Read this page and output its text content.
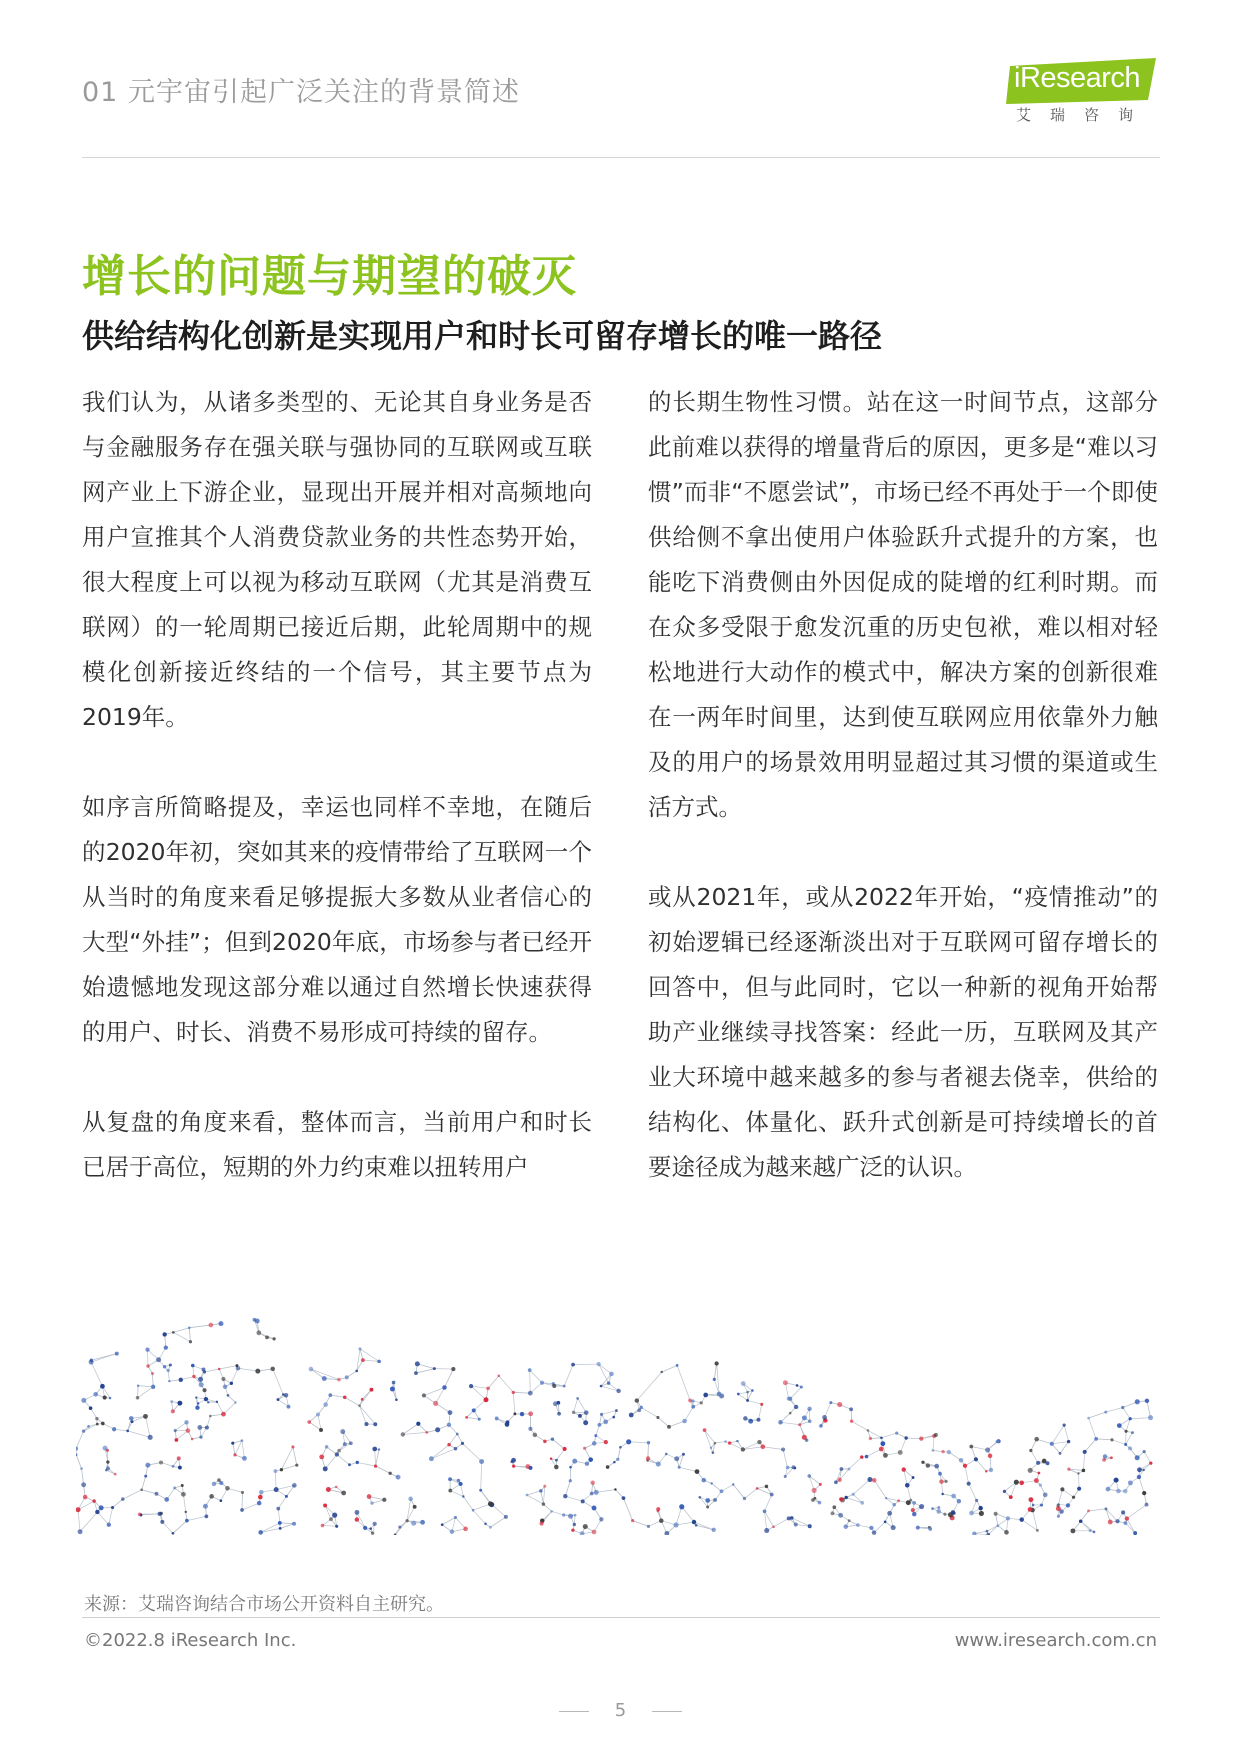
01 元宇宙引起广泛关注的背景简述	iResearch
艾瑞咨询
增长的问题与期望的破灭
供给结构化创新是实现用户和时长可留存增长的唯一路径

我们认为，从诸多类型的、无论其自身业务是否与金融服务存在强关联与强协同的互联网或互联网产业上下游企业，显现出开展并相对高频地向用户宣推其个人消费贷款业务的共性态势开始，很大程度上可以视为移动互联网（尤其是消费互联网）的一轮周期已接近后期，此轮周期中的规模化创新接近终结的一个信号，其主要节点为2019年。

如序言所简略提及，幸运也同样不幸地，在随后的2020年初，突如其来的疫情带给了互联网一个从当时的角度来看足够提振大多数从业者信心的大型“外挂”；但到2020年底，市场参与者已经开始遗憾地发现这部分难以通过自然增长快速获得的用户、时长、消费不易形成可持续的留存。

从复盘的角度来看，整体而言，当前用户和时长已居于高位，短期的外力约束难以扭转用户

的长期生物性习惯。站在这一时间节点，这部分此前难以获得的增量背后的原因，更多是“难以习惯”而非“不愿尝试”，市场已经不再处于一个即使供给侧不拿出使用户体验跃升式提升的方案，也能吃下消费侧由外因促成的陡增的红利时期。而在众多受限于愈发沉重的历史包袱，难以相对轻松地进行大动作的模式中，解决方案的创新很难在一两年时间里，达到使互联网应用依靠外力触及的用户的场景效用明显超过其习惯的渠道或生活方式。

或从2021年，或从2022年开始，“疫情推动”的初始逻辑已经逐渐淡出对于互联网可留存增长的回答中，但与此同时，它以一种新的视角开始帮助产业继续寻找答案：经此一历，互联网及其产业大环境中越来越多的参与者褪去侥幸，供给的结构化、体量化、跃升式创新是可持续增长的首要途径成为越来越广泛的认识。

来源：艾瑞咨询结合市场公开资料自主研究。
©2022.8 iResearch Inc.	www.iresearch.com.cn
5
